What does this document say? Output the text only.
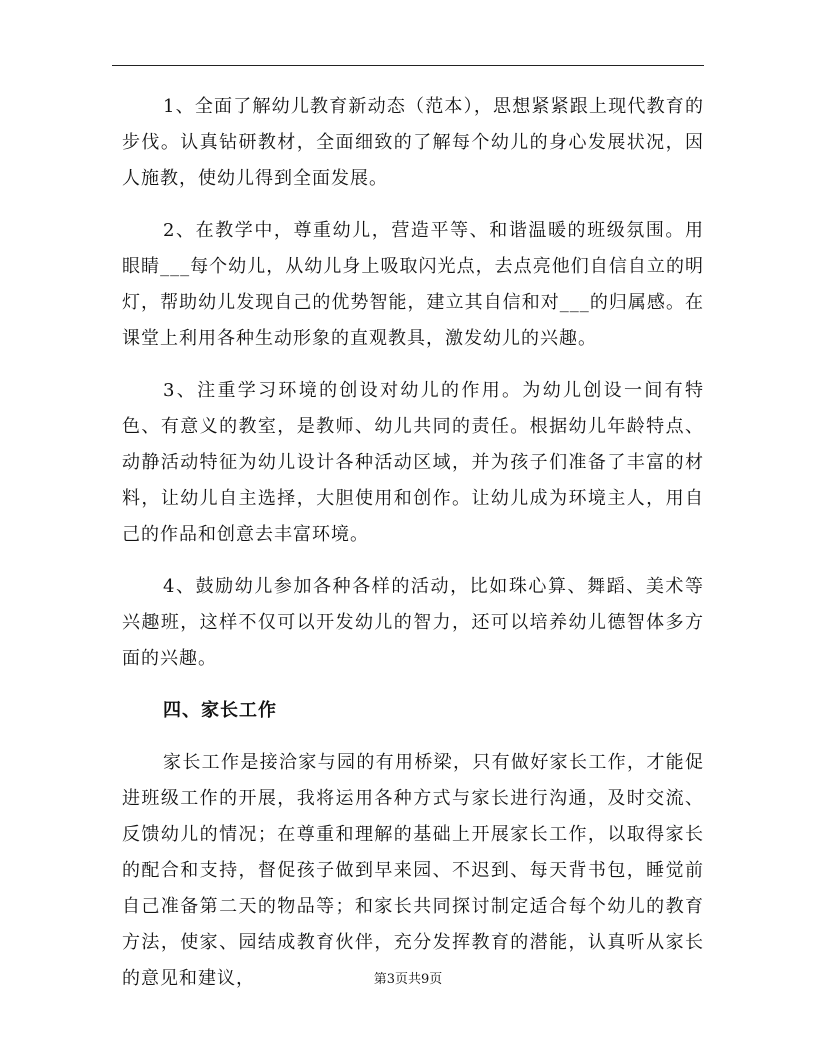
1、全面了解幼儿教育新动态（范本），思想紧紧跟上现代教育的步伐。认真钻研教材，全面细致的了解每个幼儿的身心发展状况，因人施教，使幼儿得到全面发展。

2、在教学中，尊重幼儿，营造平等、和谐温暖的班级氛围。用眼睛___每个幼儿，从幼儿身上吸取闪光点，去点亮他们自信自立的明灯，帮助幼儿发现自己的优势智能，建立其自信和对___的归属感。在课堂上利用各种生动形象的直观教具，激发幼儿的兴趣。

3、注重学习环境的创设对幼儿的作用。为幼儿创设一间有特色、有意义的教室，是教师、幼儿共同的责任。根据幼儿年龄特点、动静活动特征为幼儿设计各种活动区域，并为孩子们准备了丰富的材料，让幼儿自主选择，大胆使用和创作。让幼儿成为环境主人，用自己的作品和创意去丰富环境。

4、鼓励幼儿参加各种各样的活动，比如珠心算、舞蹈、美术等兴趣班，这样不仅可以开发幼儿的智力，还可以培养幼儿德智体多方面的兴趣。

四、家长工作

家长工作是接洽家与园的有用桥梁，只有做好家长工作，才能促进班级工作的开展，我将运用各种方式与家长进行沟通，及时交流、反馈幼儿的情况；在尊重和理解的基础上开展家长工作，以取得家长的配合和支持，督促孩子做到早来园、不迟到、每天背书包，睡觉前自己准备第二天的物品等；和家长共同探讨制定适合每个幼儿的教育方法，使家、园结成教育伙伴，充分发挥教育的潜能，认真听从家长的意见和建议，	第3页共9页
